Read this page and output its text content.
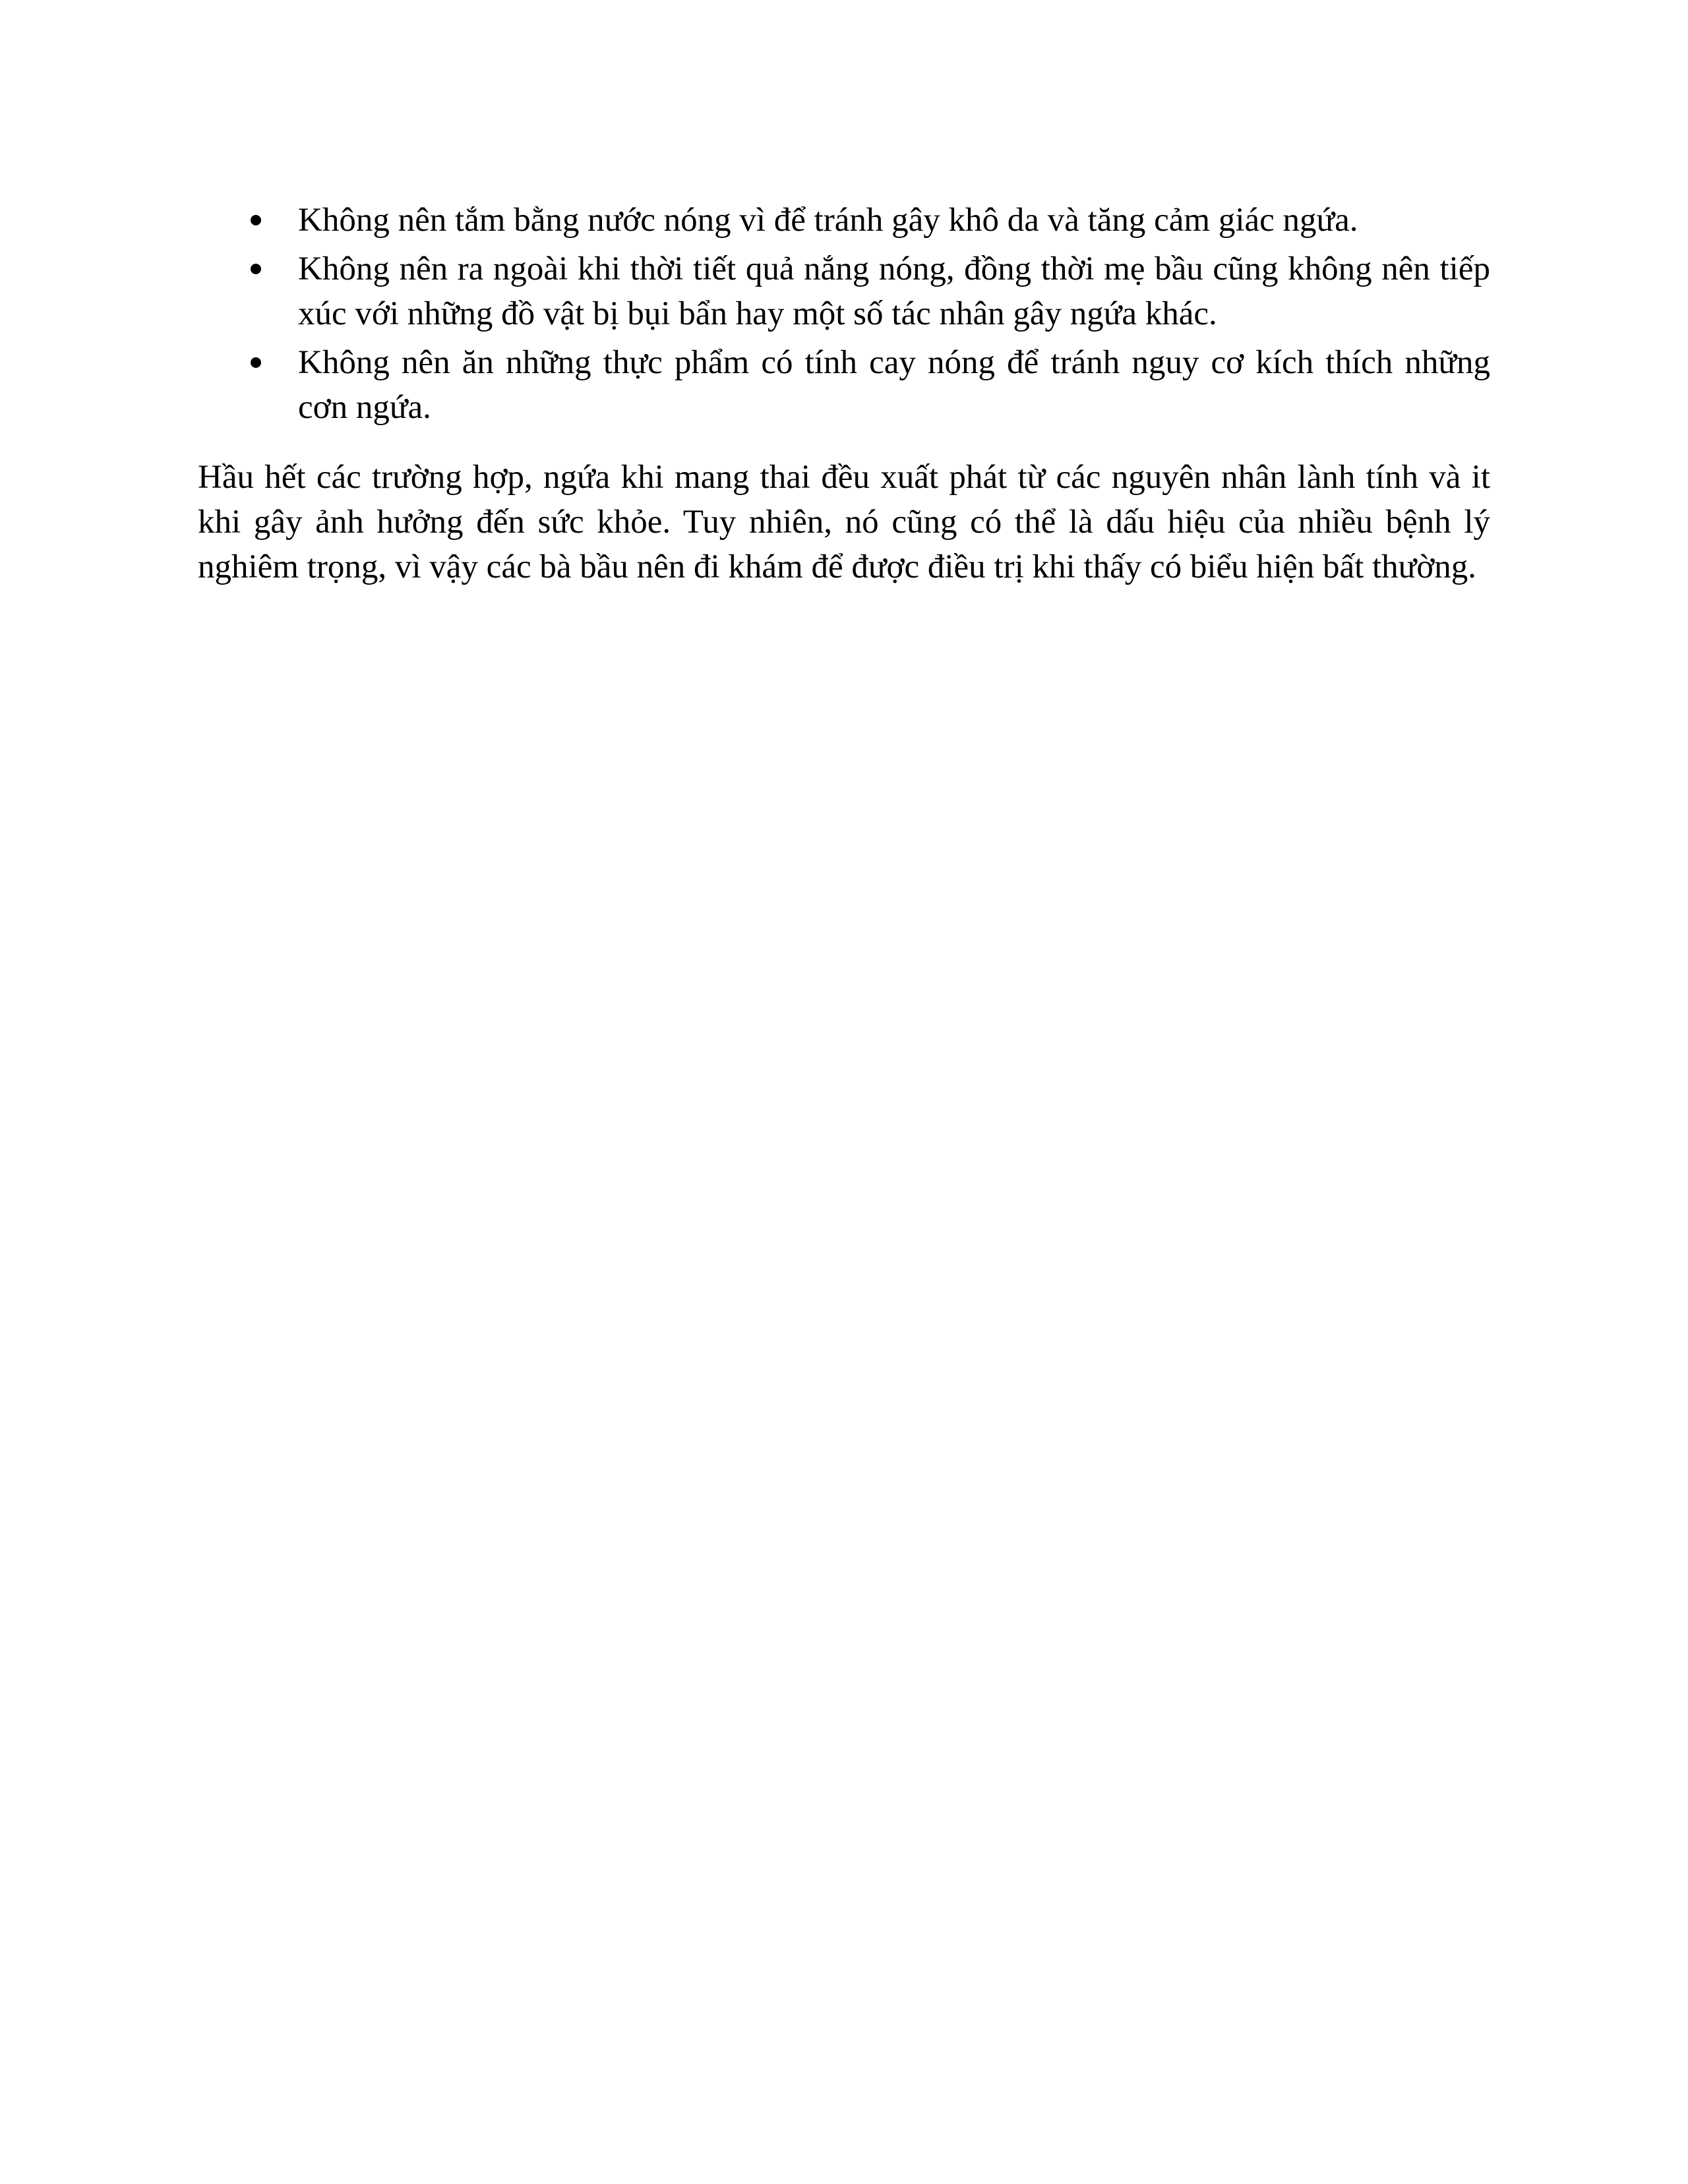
Không nên tắm bằng nước nóng vì để tránh gây khô da và tăng cảm giác ngứa.
Không nên ra ngoài khi thời tiết quả nắng nóng, đồng thời mẹ bầu cũng không nên tiếp xúc với những đồ vật bị bụi bẩn hay một số tác nhân gây ngứa khác.
Không nên ăn những thực phẩm có tính cay nóng để tránh nguy cơ kích thích những cơn ngứa.

Hầu hết các trường hợp, ngứa khi mang thai đều xuất phát từ các nguyên nhân lành tính và it khi gây ảnh hưởng đến sức khỏe. Tuy nhiên, nó cũng có thể là dấu hiệu của nhiều bệnh lý nghiêm trọng, vì vậy các bà bầu nên đi khám để được điều trị khi thấy có biểu hiện bất thường.
